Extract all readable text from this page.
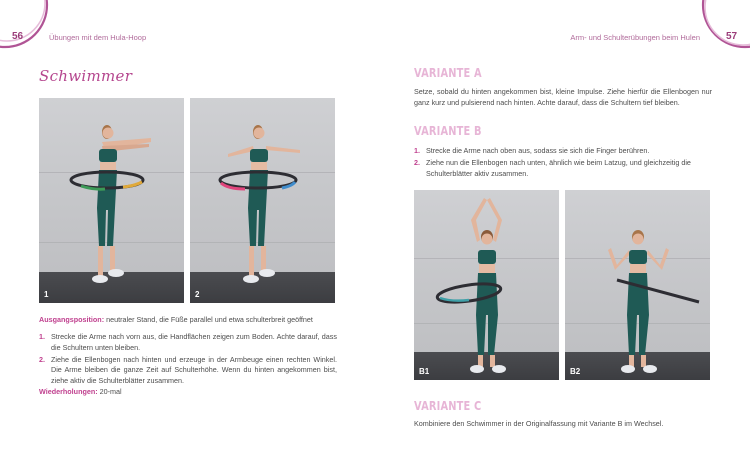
56	Übungen mit dem Hula-Hoop
Schwimmer
1	2

Ausgangsposition: neutraler Stand, die Füße parallel und etwa schulterbreit geöffnet

1. Strecke die Arme nach vorn aus, die Handflächen zeigen zum Boden. Achte darauf, dass die Schultern unten bleiben.
2. Ziehe die Ellenbogen nach hinten und erzeuge in der Armbeuge einen rechten Winkel. Die Arme bleiben die ganze Zeit auf Schulterhöhe. Wenn du hinten angekommen bist, ziehe aktiv die Schulterblätter zusammen.

Wiederholungen: 20-mal

57
Arm- und Schulterübungen beim Hulen
VARIANTE A

Setze, sobald du hinten angekommen bist, kleine Impulse. Ziehe hierfür die Ellenbogen nur ganz kurz und pulsierend nach hinten. Achte darauf, dass die Schultern tief bleiben.

VARIANTE B
1. Strecke die Arme nach oben aus, sodass sie sich die Finger berühren.
2. Ziehe nun die Ellenbogen nach unten, ähnlich wie beim Latzug, und gleichzeitig die Schulterblätter aktiv zusammen.
B1	B2
VARIANTE C

Kombiniere den Schwimmer in der Originalfassung mit Variante B im Wechsel.
